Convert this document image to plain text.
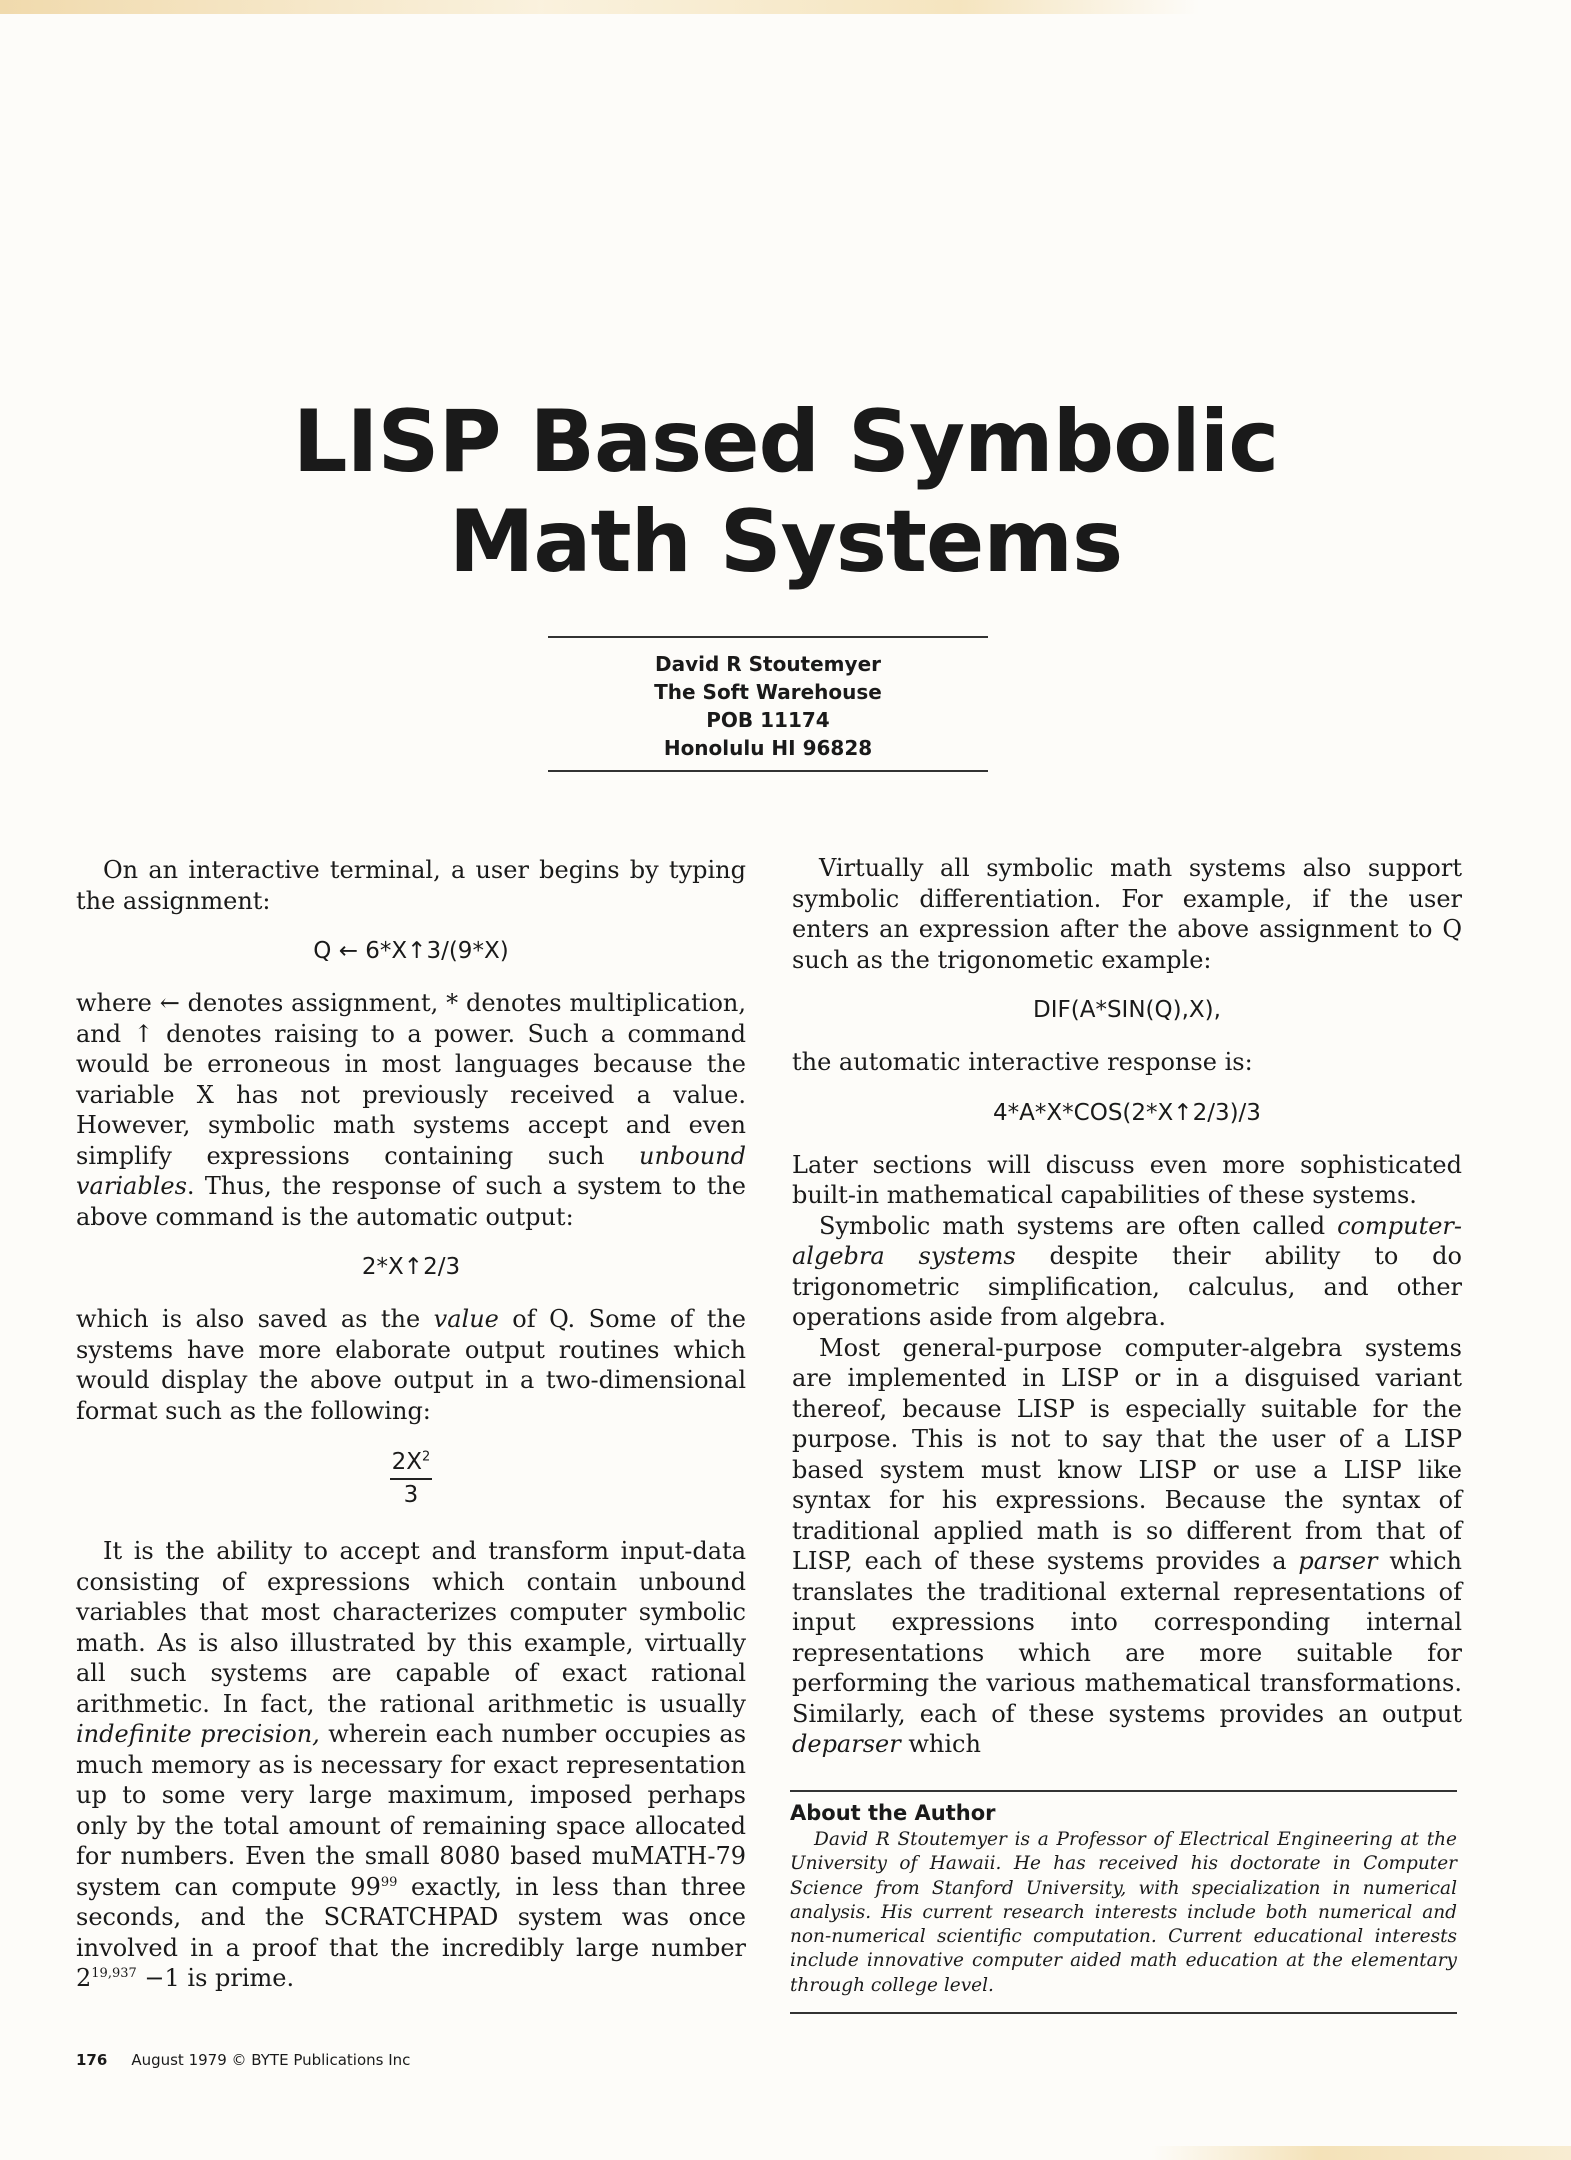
LISP Based Symbolic
Math Systems
David R Stoutemyer
The Soft Warehouse
POB 11174
Honolulu HI 96828

On an interactive terminal, a user begins by typing the assignment:

Q ← 6*X↑3/(9*X)

where ← denotes assignment, * denotes multiplication, and ↑ denotes raising to a power. Such a command would be erroneous in most languages because the variable X has not previously received a value. However, symbolic math systems accept and even simplify expressions containing such unbound variables. Thus, the response of such a system to the above command is the automatic output:

2*X↑2/3

which is also saved as the value of Q. Some of the systems have more elaborate output routines which would display the above output in a two-dimensional format such as the following:

$2X^2$
3

It is the ability to accept and transform input-data consisting of expressions which contain unbound variables that most characterizes computer symbolic math. As is also illustrated by this example, virtually all such systems are capable of exact rational arithmetic. In fact, the rational arithmetic is usually indefinite precision, wherein each number occupies as much memory as is necessary for exact representation up to some very large maximum, imposed perhaps only by the total amount of remaining space allocated for numbers. Even the small 8080 based muMATH-79 system can compute $99^{99}$ exactly, in less than three seconds, and the SCRATCHPAD system was once involved in a proof that the incredibly large number $2^{19,937} -1$ is prime.

Virtually all symbolic math systems also support symbolic differentiation. For example, if the user enters an expression after the above assignment to Q such as the trigonometic example:

DIF(A*SIN(Q),X),

the automatic interactive response is:

4*A*X*COS(2*X↑2/3)/3

Later sections will discuss even more sophisticated built-in mathematical capabilities of these systems.

Symbolic math systems are often called computer-algebra systems despite their ability to do trigonometric simplification, calculus, and other operations aside from algebra.

Most general-purpose computer-algebra systems are implemented in LISP or in a disguised variant thereof, because LISP is especially suitable for the purpose. This is not to say that the user of a LISP based system must know LISP or use a LISP like syntax for his expressions. Because the syntax of traditional applied math is so different from that of LISP, each of these systems provides a parser which translates the traditional external representations of input expressions into corresponding internal representations which are more suitable for performing the various mathematical transformations. Similarly, each of these systems provides an output deparser which

About the Author
David R Stoutemyer is a Professor of Electrical Engineering at the University of Hawaii. He has received his doctorate in Computer Science from Stanford University, with specialization in numerical analysis. His current research interests include both numerical and non-numerical scientific computation. Current educational interests include innovative computer aided math education at the elementary through college level.
176 August 1979 © BYTE Publications Inc
